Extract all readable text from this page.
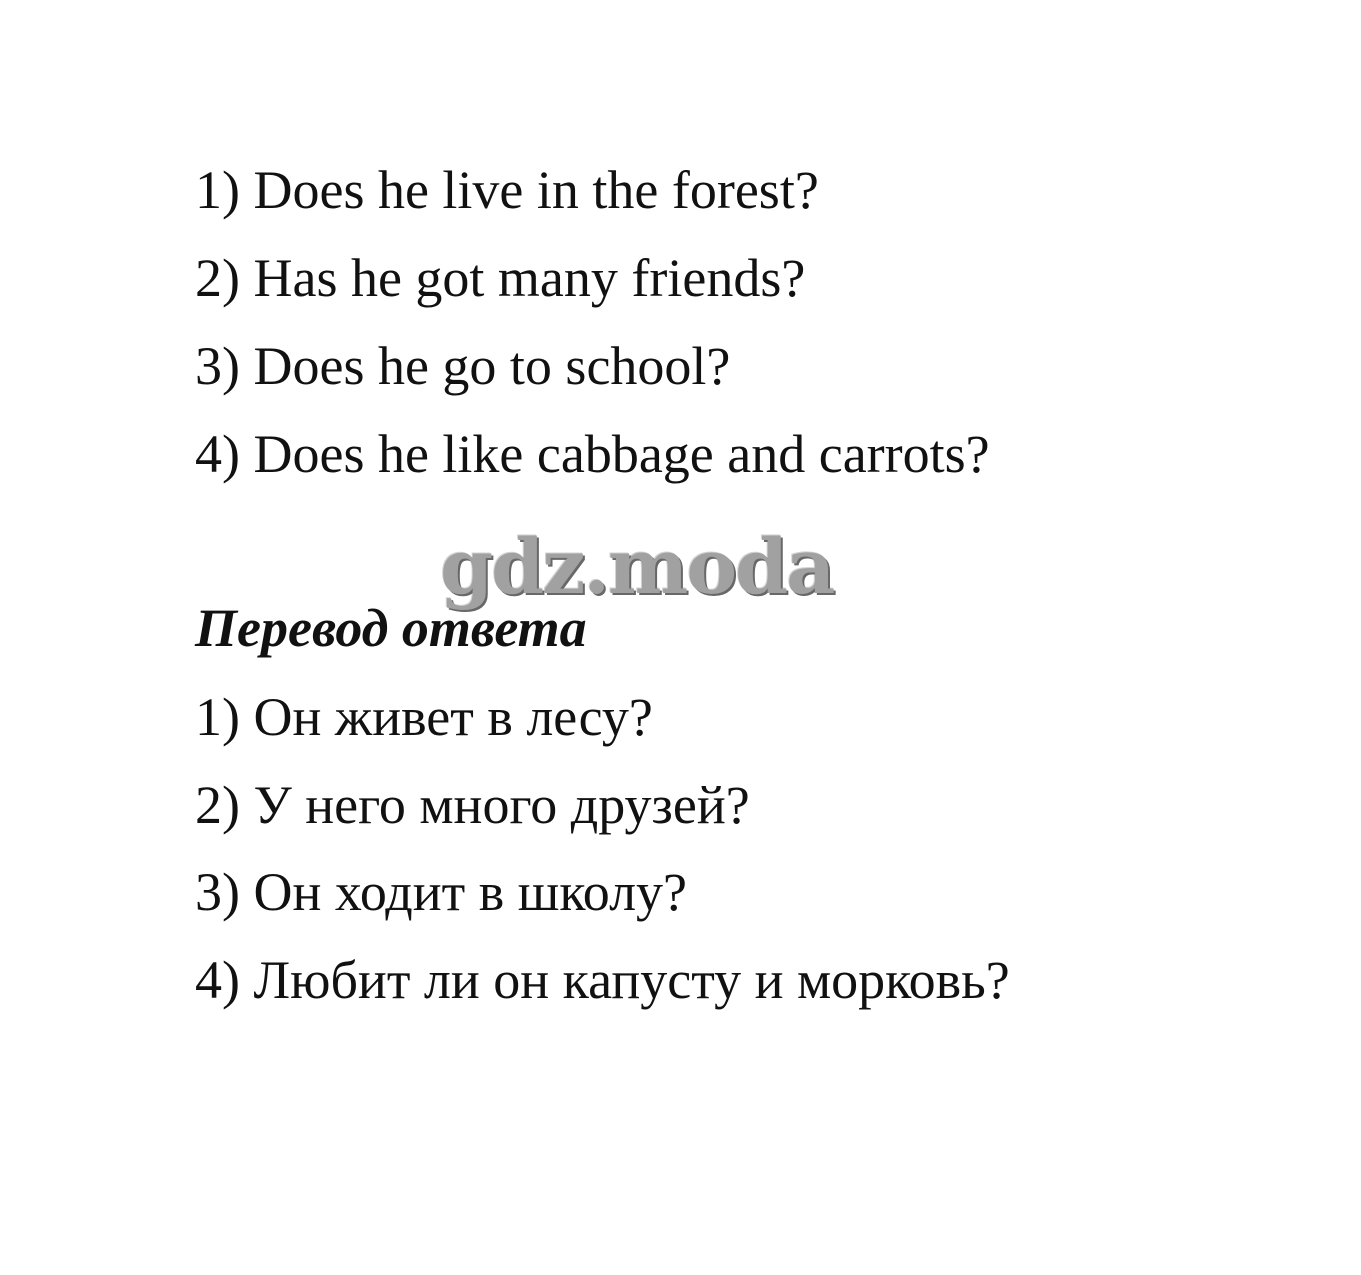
1) Does he live in the forest?
2) Has he got many friends?
3) Does he go to school?
4) Does he like cabbage and carrots?
Перевод ответа
1) Он живет в лесу?
2) У него много друзей?
3) Он ходит в школу?
4) Любит ли он капусту и морковь?
gdz.moda
